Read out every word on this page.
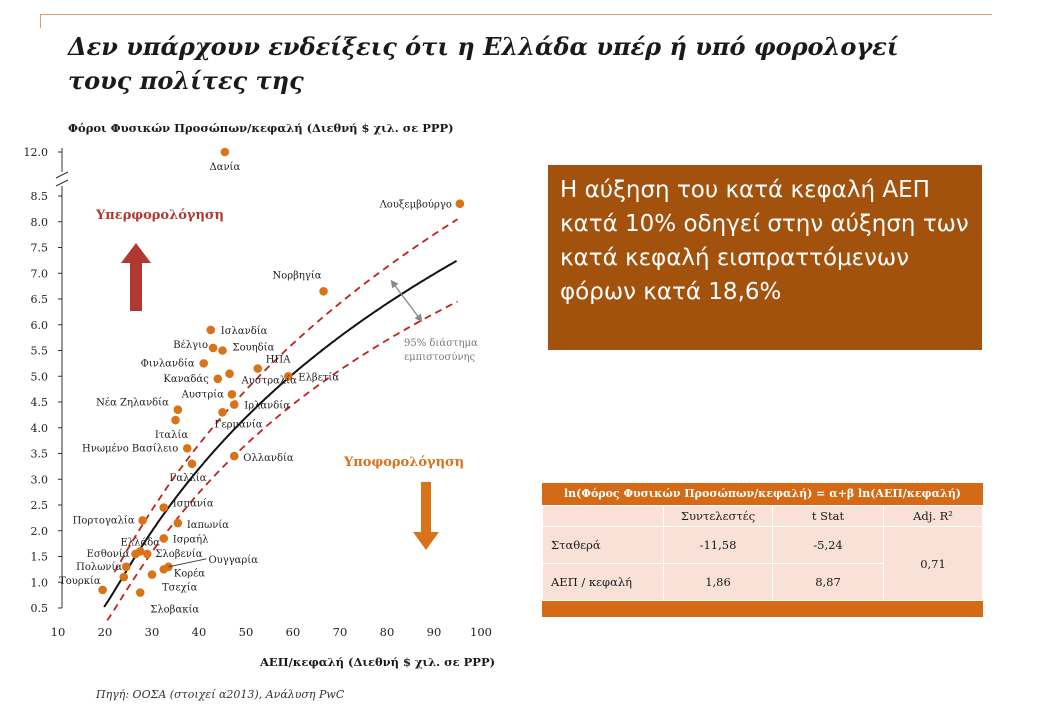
Δεν υπάρχουν ενδείξεις ότι η Ελλάδα υπέρ ή υπό φορολογεί τους πολίτες της
Φόροι Φυσικών Προσώπων/κεφαλή (Διεθνή $ χιλ. σε PPP)
0.5
1.0
1.5
2.0
2.5
3.0
3.5
4.0
4.5
5.0
5.5
6.0
6.5
7.0
7.5
8.0
8.5
12.0
10	20	30	40	50	60	70	80	90 100
Δανία
Λουξεμβούργο
Νορβηγία
Ισλανδία
Βέλγιο Σουηδία
Φινλανδία	ΗΠΑ
Καναδάς	Ελβετία
Αυστραλία
Αυστρία
Ιρλανδία
Νέα Ζηλανδία
Γερμανία
Ιταλία
Ηνωμένο Βασίλειο
Ολλανδία
Γαλλία
Ισπανία
Ιαπωνία
Πορτογαλία
Ισραήλ
Ελλάδα
Εσθονία	Σλοβενία
Ουγγαρία
Κορέα
Πολωνία
Τσεχία
Τουρκία
Σλοβακία
Υπερφορολόγηση
Υποφορολόγηση
95% διάστημα εμπιστοσύνης
ΑΕΠ/κεφαλή (Διεθνή $ χιλ. σε PPP)
Η αύξηση του κατά κεφαλή ΑΕΠ κατά 10% οδηγεί στην αύξηση των κατά κεφαλή εισπραττόμενων φόρων κατά 18,6%
ln(Φόρος Φυσικών Προσώπων/κεφαλή) = α+β ln(ΑΕΠ/κεφαλή)
	Συντελεστές	t Stat	Adj. R²
Σταθερά	-11,58	-5,24	0,71
ΑΕΠ / κεφαλή	1,86	8,87	
Πηγή: ΟΟΣΑ (στοιχεί α2013), Ανάλυση PwC
